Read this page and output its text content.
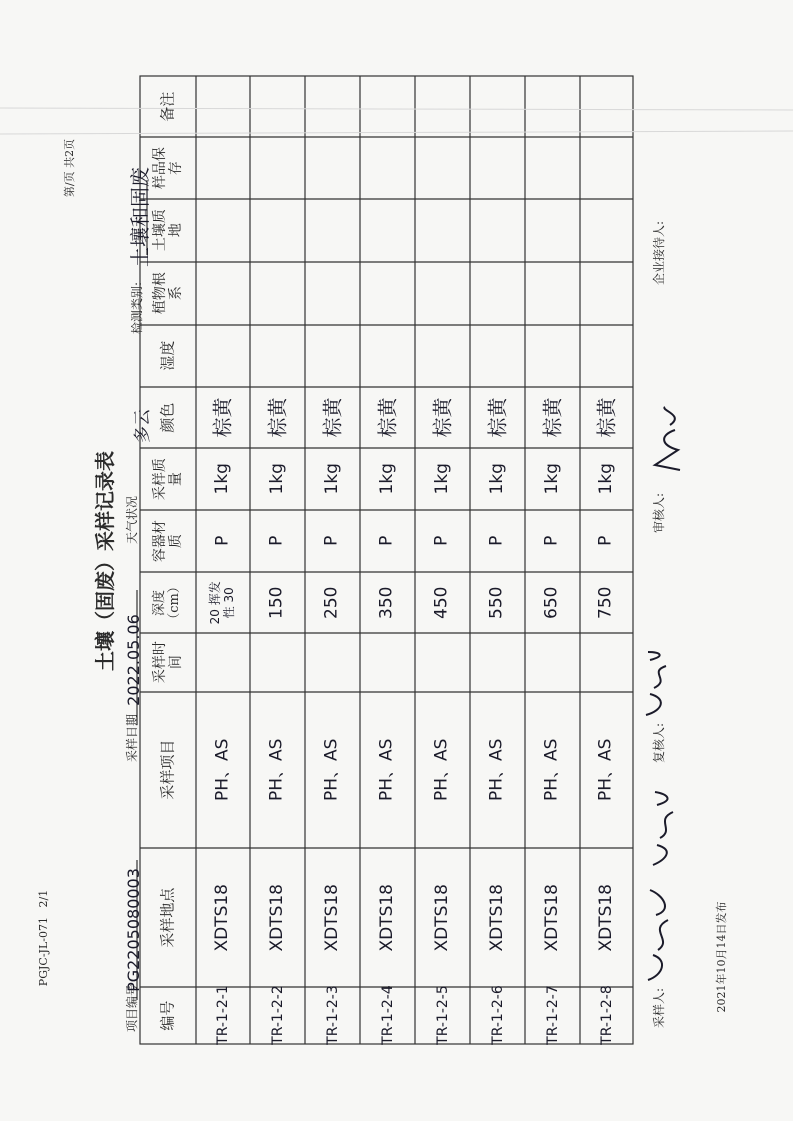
PGJC-JL-071 2/1
土壤（固废）采样记录表
第/页 共2页
项目编号
PG2205080003
采样日期
2022.05.06
天气状况
多云
检测类别:
土壤和固废
编号
采样地点
采样项目
采样时间
深度（cm）
容器材质
采样质量
颜色
湿度
植物根系
土壤质地
样品保存
备注
TR-1-2-1
XDTS18
PH、AS
20 挥发性 30
P
1kg
棕黄
TR-1-2-2
XDTS18
PH、AS
150
P
1kg
棕黄
TR-1-2-3
XDTS18
PH、AS
250
P
1kg
棕黄
TR-1-2-4
XDTS18
PH、AS
350
P
1kg
棕黄
TR-1-2-5
XDTS18
PH、AS
450
P
1kg
棕黄
TR-1-2-6
XDTS18
PH、AS
550
P
1kg
棕黄
TR-1-2-7
XDTS18
PH、AS
650
P
1kg
棕黄
TR-1-2-8
XDTS18
PH、AS
750
P
1kg
棕黄
采样人:
复核人:
审核人:
企业接待人:
2021年10月14日发布
